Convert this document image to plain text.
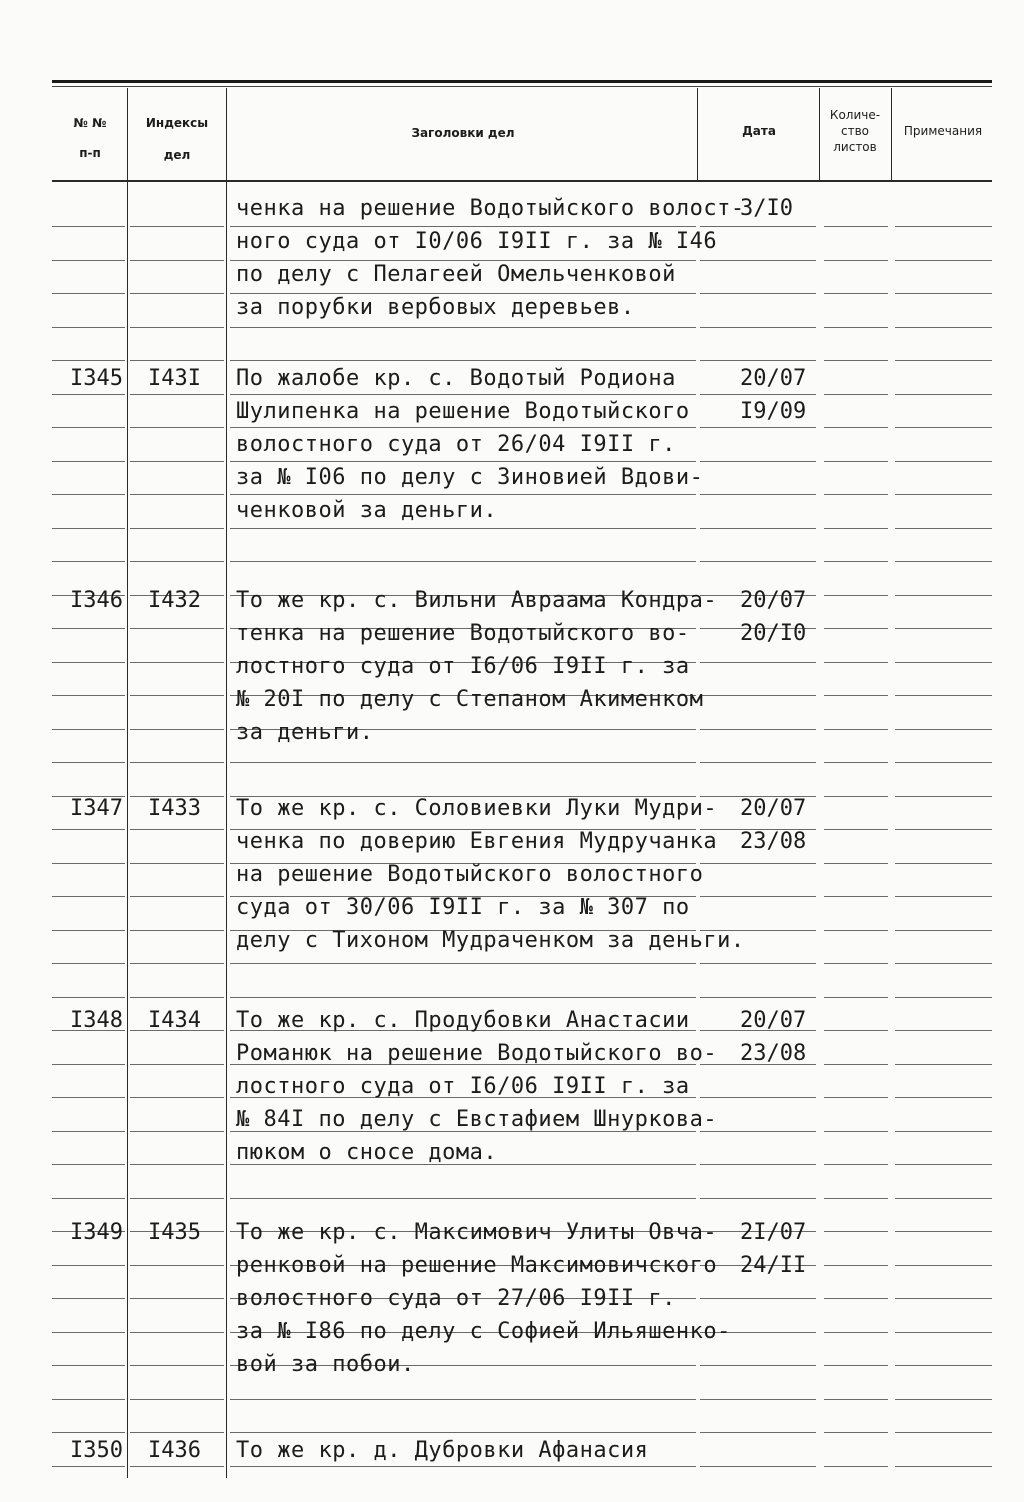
№ №
п-п
Индексы
дел
Заголовки дел	Дата
Количе-
ство
листов
Примечания
ченка на решение Водотыйского волост-
ного суда от I0/06 I9II г. за № I46
по делу с Пелагеей Омельченковой
за порубки вербовых деревьев.
3/I0
I345 I43I По жалобе кр. с. Водотый Родиона
Шулипенка на решение Водотыйского
волостного суда от 26/04 I9II г.
за № I06 по делу с Зиновией Вдови-
ченковой за деньги.
20/07
I9/09
I346 I432 То же кр. с. Вильни Авраама Кондра-
тенка на решение Водотыйского во-
лостного суда от I6/06 I9II г. за
№ 20I по делу с Степаном Акименком
за деньги.
20/07
20/I0
I347 I433 То же кр. с. Соловиевки Луки Мудри-
ченка по доверию Евгения Мудручанка
на решение Водотыйского волостного
суда от 30/06 I9II г. за № 307 по
делу с Тихоном Мудраченком за деньги.
20/07
23/08
I348 I434 То же кр. с. Продубовки Анастасии
Романюк на решение Водотыйского во-
лостного суда от I6/06 I9II г. за
№ 84I по делу с Евстафием Шнуркова-
пюком о сносе дома.
20/07
23/08
I349 I435 То же кр. с. Максимович Улиты Овча-
ренковой на решение Максимовичского
волостного суда от 27/06 I9II г.
за № I86 по делу с Софией Ильяшенко-
вой за побои.
2I/07
24/II
I350 I436 То же кр. д. Дубровки Афанасия
